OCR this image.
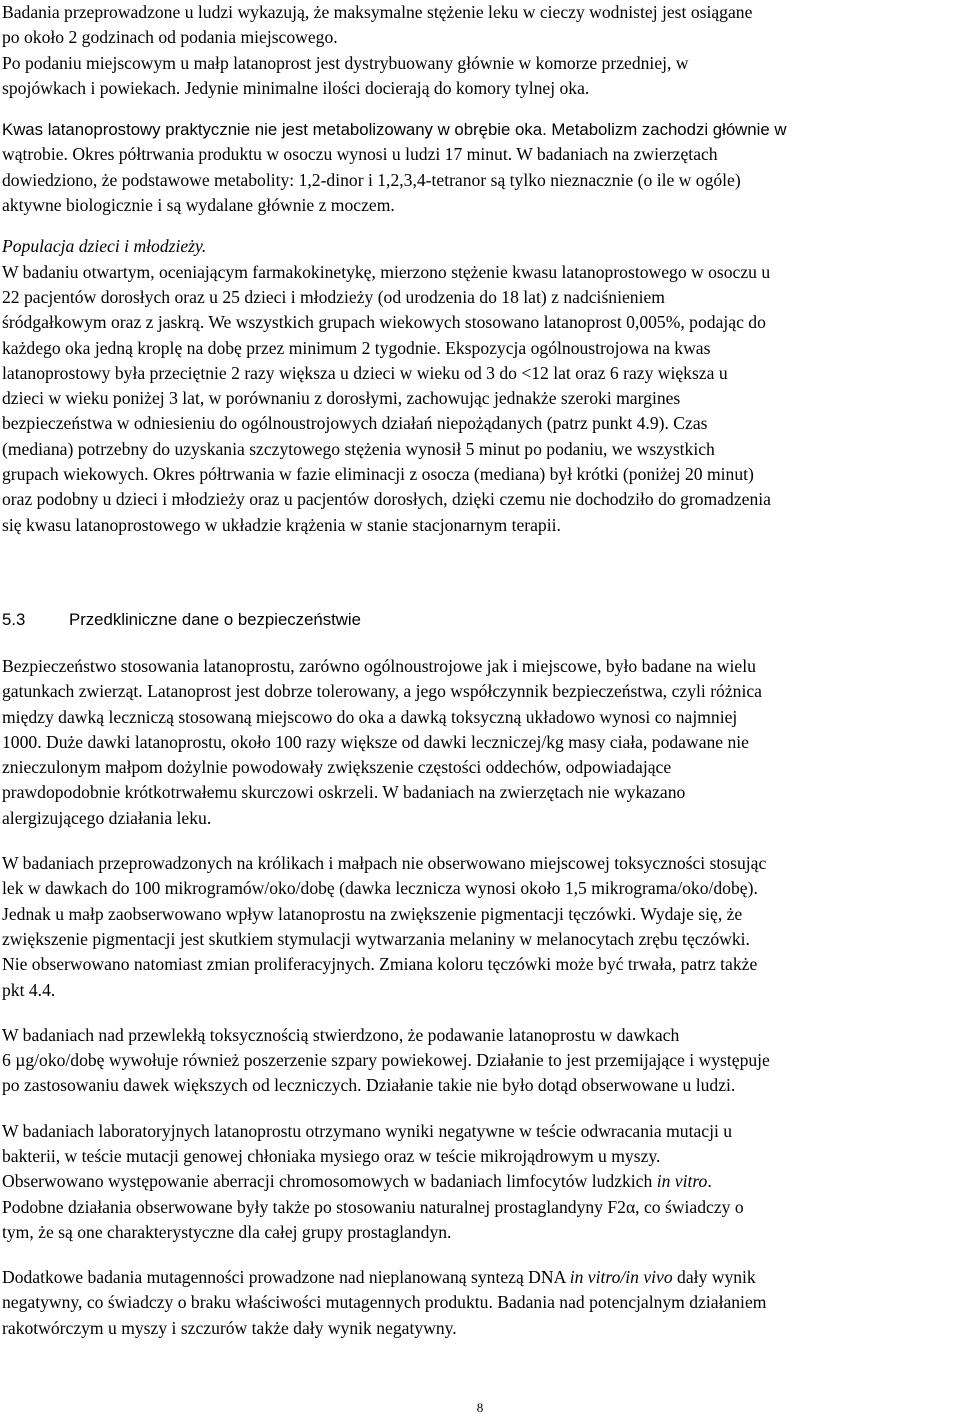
Badania przeprowadzone u ludzi wykazują, że maksymalne stężenie leku w cieczy wodnistej jest osiągane
po około 2 godzinach od podania miejscowego.
Po podaniu miejscowym u małp latanoprost jest dystrybuowany głównie w komorze przedniej, w
spojówkach i powiekach. Jedynie minimalne ilości docierają do komory tylnej oka.

Kwas latanoprostowy praktycznie nie jest metabolizowany w obrębie oka. Metabolizm zachodzi głównie w
wątrobie. Okres półtrwania produktu w osoczu wynosi u ludzi 17 minut. W badaniach na zwierzętach
dowiedziono, że podstawowe metabolity: 1,2-dinor i 1,2,3,4-tetranor są tylko nieznacznie (o ile w ogóle)
aktywne biologicznie i są wydalane głównie z moczem.

Populacja dzieci i młodzieży.

W badaniu otwartym, oceniającym farmakokinetykę, mierzono stężenie kwasu latanoprostowego w osoczu u
22 pacjentów dorosłych oraz u 25 dzieci i młodzieży (od urodzenia do 18 lat) z nadciśnieniem
śródgałkowym oraz z jaskrą. We wszystkich grupach wiekowych stosowano latanoprost 0,005%, podając do
każdego oka jedną kroplę na dobę przez minimum 2 tygodnie. Ekspozycja ogólnoustrojowa na kwas
latanoprostowy była przeciętnie 2 razy większa u dzieci w wieku od 3 do <12 lat oraz 6 razy większa u
dzieci w wieku poniżej 3 lat, w porównaniu z dorosłymi, zachowując jednakże szeroki margines
bezpieczeństwa w odniesieniu do ogólnoustrojowych działań niepożądanych (patrz punkt 4.9). Czas
(mediana) potrzebny do uzyskania szczytowego stężenia wynosił 5 minut po podaniu, we wszystkich
grupach wiekowych. Okres półtrwania w fazie eliminacji z osocza (mediana) był krótki (poniżej 20 minut)
oraz podobny u dzieci i młodzieży oraz u pacjentów dorosłych, dzięki czemu nie dochodziło do gromadzenia
się kwasu latanoprostowego w układzie krążenia w stanie stacjonarnym terapii.

5.3	Przedkliniczne dane o bezpieczeństwie

Bezpieczeństwo stosowania latanoprostu, zarówno ogólnoustrojowe jak i miejscowe, było badane na wielu
gatunkach zwierząt. Latanoprost jest dobrze tolerowany, a jego współczynnik bezpieczeństwa, czyli różnica
między dawką leczniczą stosowaną miejscowo do oka a dawką toksyczną układowo wynosi co najmniej
1000. Duże dawki latanoprostu, około 100 razy większe od dawki leczniczej/kg masy ciała, podawane nie
znieczulonym małpom dożylnie powodowały zwiększenie częstości oddechów, odpowiadające
prawdopodobnie krótkotrwałemu skurczowi oskrzeli. W badaniach na zwierzętach nie wykazano
alergizującego działania leku.

W badaniach przeprowadzonych na królikach i małpach nie obserwowano miejscowej toksyczności stosując
lek w dawkach do 100 mikrogramów/oko/dobę (dawka lecznicza wynosi około 1,5 mikrograma/oko/dobę).
Jednak u małp zaobserwowano wpływ latanoprostu na zwiększenie pigmentacji tęczówki. Wydaje się, że
zwiększenie pigmentacji jest skutkiem stymulacji wytwarzania melaniny w melanocytach zrębu tęczówki.
Nie obserwowano natomiast zmian proliferacyjnych. Zmiana koloru tęczówki może być trwała, patrz także
pkt 4.4.

W badaniach nad przewlekłą toksycznością stwierdzono, że podawanie latanoprostu w dawkach
6 µg/oko/dobę wywołuje również poszerzenie szpary powiekowej. Działanie to jest przemijające i występuje
po zastosowaniu dawek większych od leczniczych. Działanie takie nie było dotąd obserwowane u ludzi.

W badaniach laboratoryjnych latanoprostu otrzymano wyniki negatywne w teście odwracania mutacji u
bakterii, w teście mutacji genowej chłoniaka mysiego oraz w teście mikrojądrowym u myszy.
Obserwowano występowanie aberracji chromosomowych w badaniach limfocytów ludzkich in vitro.
Podobne działania obserwowane były także po stosowaniu naturalnej prostaglandyny F2α, co świadczy o
tym, że są one charakterystyczne dla całej grupy prostaglandyn.

Dodatkowe badania mutagenności prowadzone nad nieplanowaną syntezą DNA in vitro/in vivo dały wynik
negatywny, co świadczy o braku właściwości mutagennych produktu. Badania nad potencjalnym działaniem
rakotwórczym u myszy i szczurów także dały wynik negatywny.

8
